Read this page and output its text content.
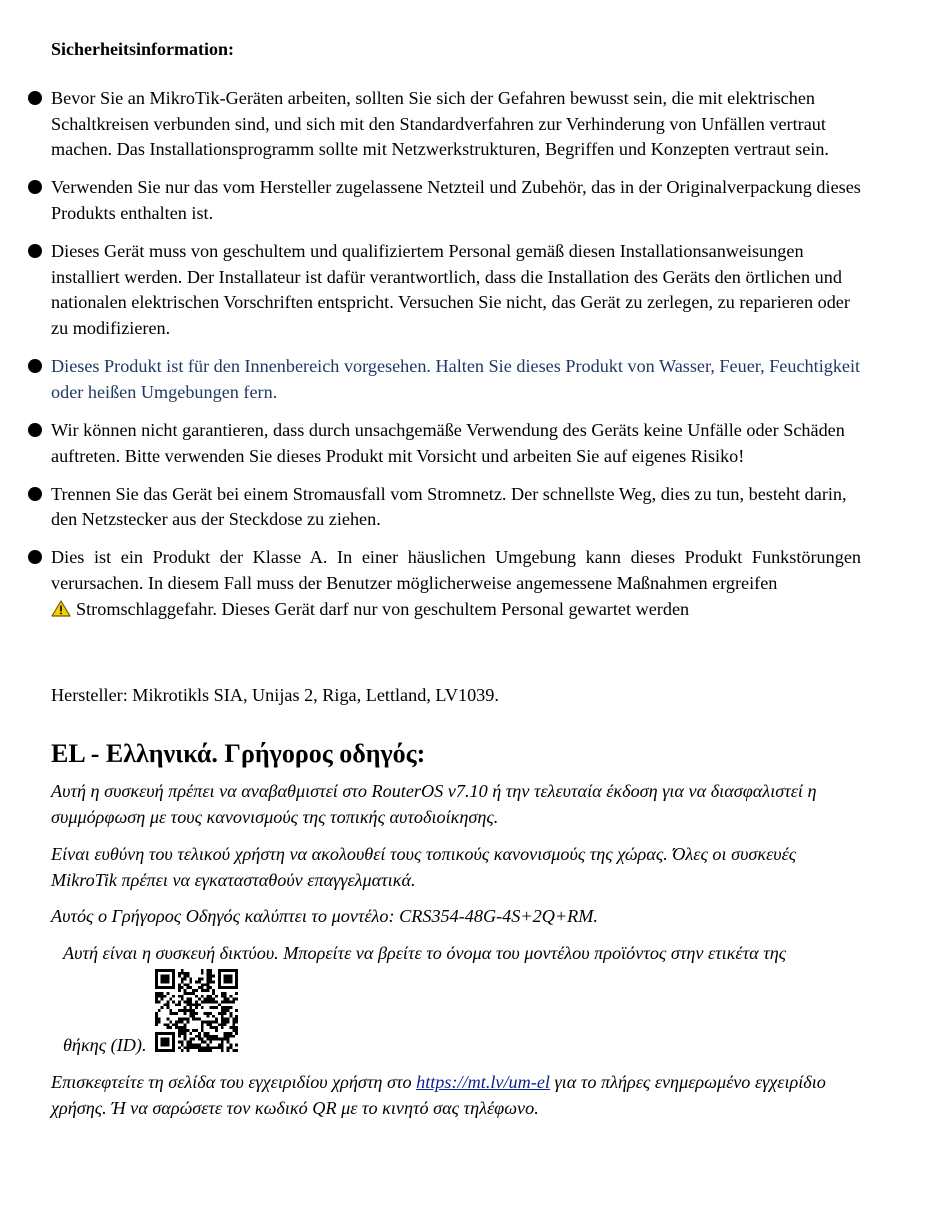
Sicherheitsinformation:
Bevor Sie an MikroTik-Geräten arbeiten, sollten Sie sich der Gefahren bewusst sein, die mit elektrischen Schaltkreisen verbunden sind, und sich mit den Standardverfahren zur Verhinderung von Unfällen vertraut machen. Das Installationsprogramm sollte mit Netzwerkstrukturen, Begriffen und Konzepten vertraut sein.
Verwenden Sie nur das vom Hersteller zugelassene Netzteil und Zubehör, das in der Originalverpackung dieses Produkts enthalten ist.
Dieses Gerät muss von geschultem und qualifiziertem Personal gemäß diesen Installationsanweisungen installiert werden. Der Installateur ist dafür verantwortlich, dass die Installation des Geräts den örtlichen und nationalen elektrischen Vorschriften entspricht. Versuchen Sie nicht, das Gerät zu zerlegen, zu reparieren oder zu modifizieren.
Dieses Produkt ist für den Innenbereich vorgesehen. Halten Sie dieses Produkt von Wasser, Feuer, Feuchtigkeit oder heißen Umgebungen fern.
Wir können nicht garantieren, dass durch unsachgemäße Verwendung des Geräts keine Unfälle oder Schäden auftreten. Bitte verwenden Sie dieses Produkt mit Vorsicht und arbeiten Sie auf eigenes Risiko!
Trennen Sie das Gerät bei einem Stromausfall vom Stromnetz. Der schnellste Weg, dies zu tun, besteht darin, den Netzstecker aus der Steckdose zu ziehen.
Dies ist ein Produkt der Klasse A. In einer häuslichen Umgebung kann dieses Produkt Funkstörungen verursachen. In diesem Fall muss der Benutzer möglicherweise angemessene Maßnahmen ergreifen
Stromschlaggefahr. Dieses Gerät darf nur von geschultem Personal gewartet werden
Hersteller: Mikrotikls SIA, Unijas 2, Riga, Lettland, LV1039.
EL - Ελληνικά. Γρήγορος οδηγός:
Αυτή η συσκευή πρέπει να αναβαθμιστεί στο RouterOS v7.10 ή την τελευταία έκδοση για να διασφαλιστεί η συμμόρφωση με τους κανονισμούς της τοπικής αυτοδιοίκησης.
Είναι ευθύνη του τελικού χρήστη να ακολουθεί τους τοπικούς κανονισμούς της χώρας. Όλες οι συσκευές MikroTik πρέπει να εγκατασταθούν επαγγελματικά.
Αυτός ο Γρήγορος Οδηγός καλύπτει το μοντέλο: CRS354-48G-4S+2Q+RM.
Αυτή είναι η συσκευή δικτύου. Μπορείτε να βρείτε το όνομα του μοντέλου προϊόντος στην ετικέτα της
θήκης (ID).
Επισκεφτείτε τη σελίδα του εγχειριδίου χρήστη στο https://mt.lv/um-el για το πλήρες ενημερωμένο εγχειρίδιο χρήσης. Ή να σαρώσετε τον κωδικό QR με το κινητό σας τηλέφωνο.
